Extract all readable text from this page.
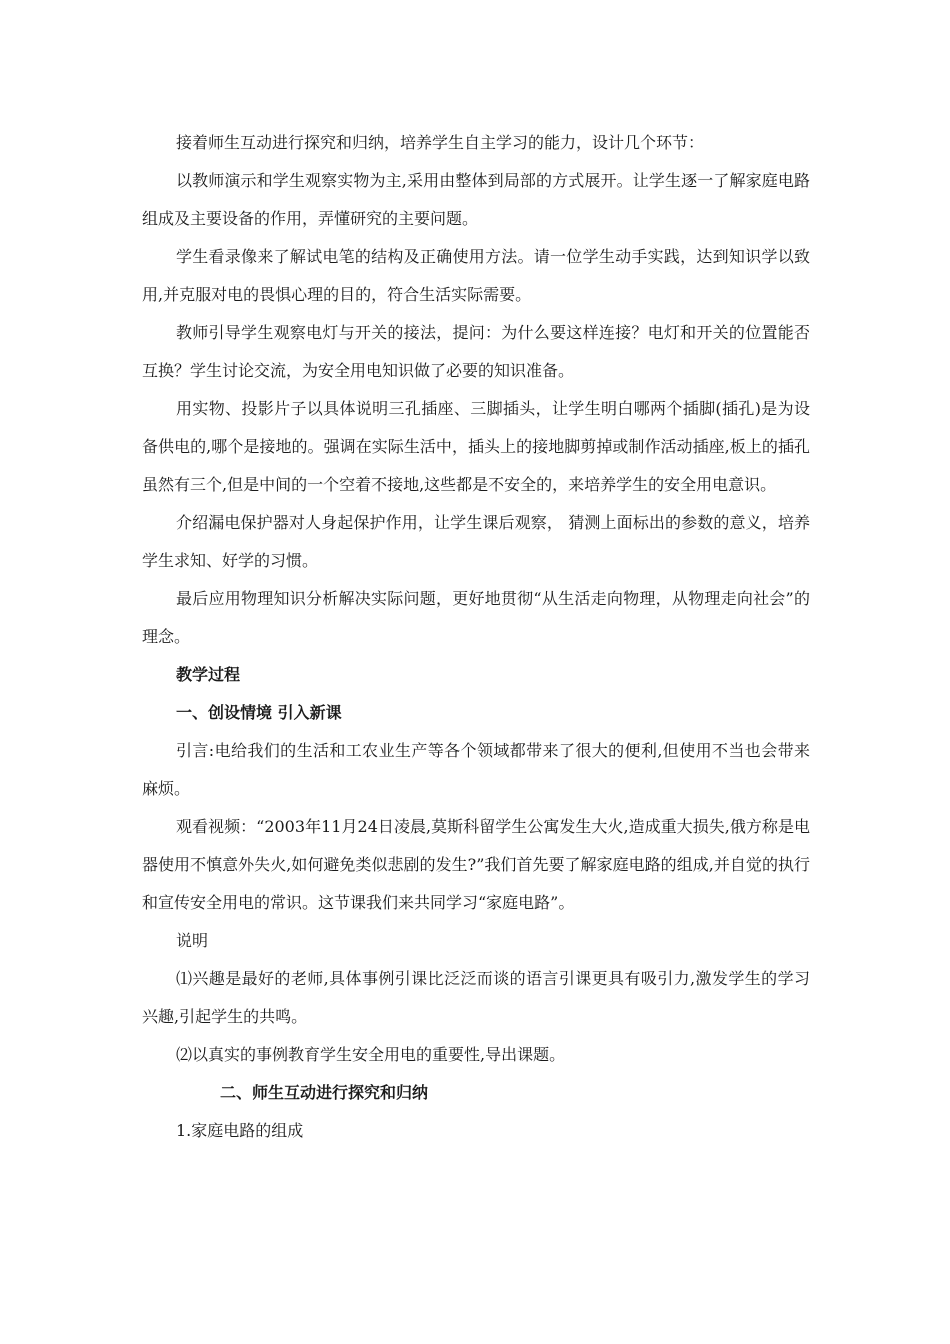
接着师生互动进行探究和归纳，培养学生自主学习的能力，设计几个环节：

以教师演示和学生观察实物为主,采用由整体到局部的方式展开。让学生逐一了解家庭电路组成及主要设备的作用，弄懂研究的主要问题。

学生看录像来了解试电笔的结构及正确使用方法。请一位学生动手实践，达到知识学以致用,并克服对电的畏惧心理的目的，符合生活实际需要。

教师引导学生观察电灯与开关的接法，提问：为什么要这样连接？电灯和开关的位置能否互换？学生讨论交流，为安全用电知识做了必要的知识准备。

用实物、投影片子以具体说明三孔插座、三脚插头，让学生明白哪两个插脚(插孔)是为设备供电的,哪个是接地的。强调在实际生活中，插头上的接地脚剪掉或制作活动插座,板上的插孔虽然有三个,但是中间的一个空着不接地,这些都是不安全的，来培养学生的安全用电意识。

介绍漏电保护器对人身起保护作用，让学生课后观察， 猜测上面标出的参数的意义，培养学生求知、好学的习惯。

最后应用物理知识分析解决实际问题，更好地贯彻“从生活走向物理，从物理走向社会”的理念。

教学过程

一、创设情境 引入新课

引言:电给我们的生活和工农业生产等各个领域都带来了很大的便利,但使用不当也会带来麻烦。

观看视频：“2003年11月24日凌晨,莫斯科留学生公寓发生大火,造成重大损失,俄方称是电器使用不慎意外失火,如何避免类似悲剧的发生?”我们首先要了解家庭电路的组成,并自觉的执行和宣传安全用电的常识。这节课我们来共同学习“家庭电路”。

说明

⑴兴趣是最好的老师,具体事例引课比泛泛而谈的语言引课更具有吸引力,激发学生的学习兴趣,引起学生的共鸣。

⑵以真实的事例教育学生安全用电的重要性,导出课题。

二、师生互动进行探究和归纳

1.家庭电路的组成
